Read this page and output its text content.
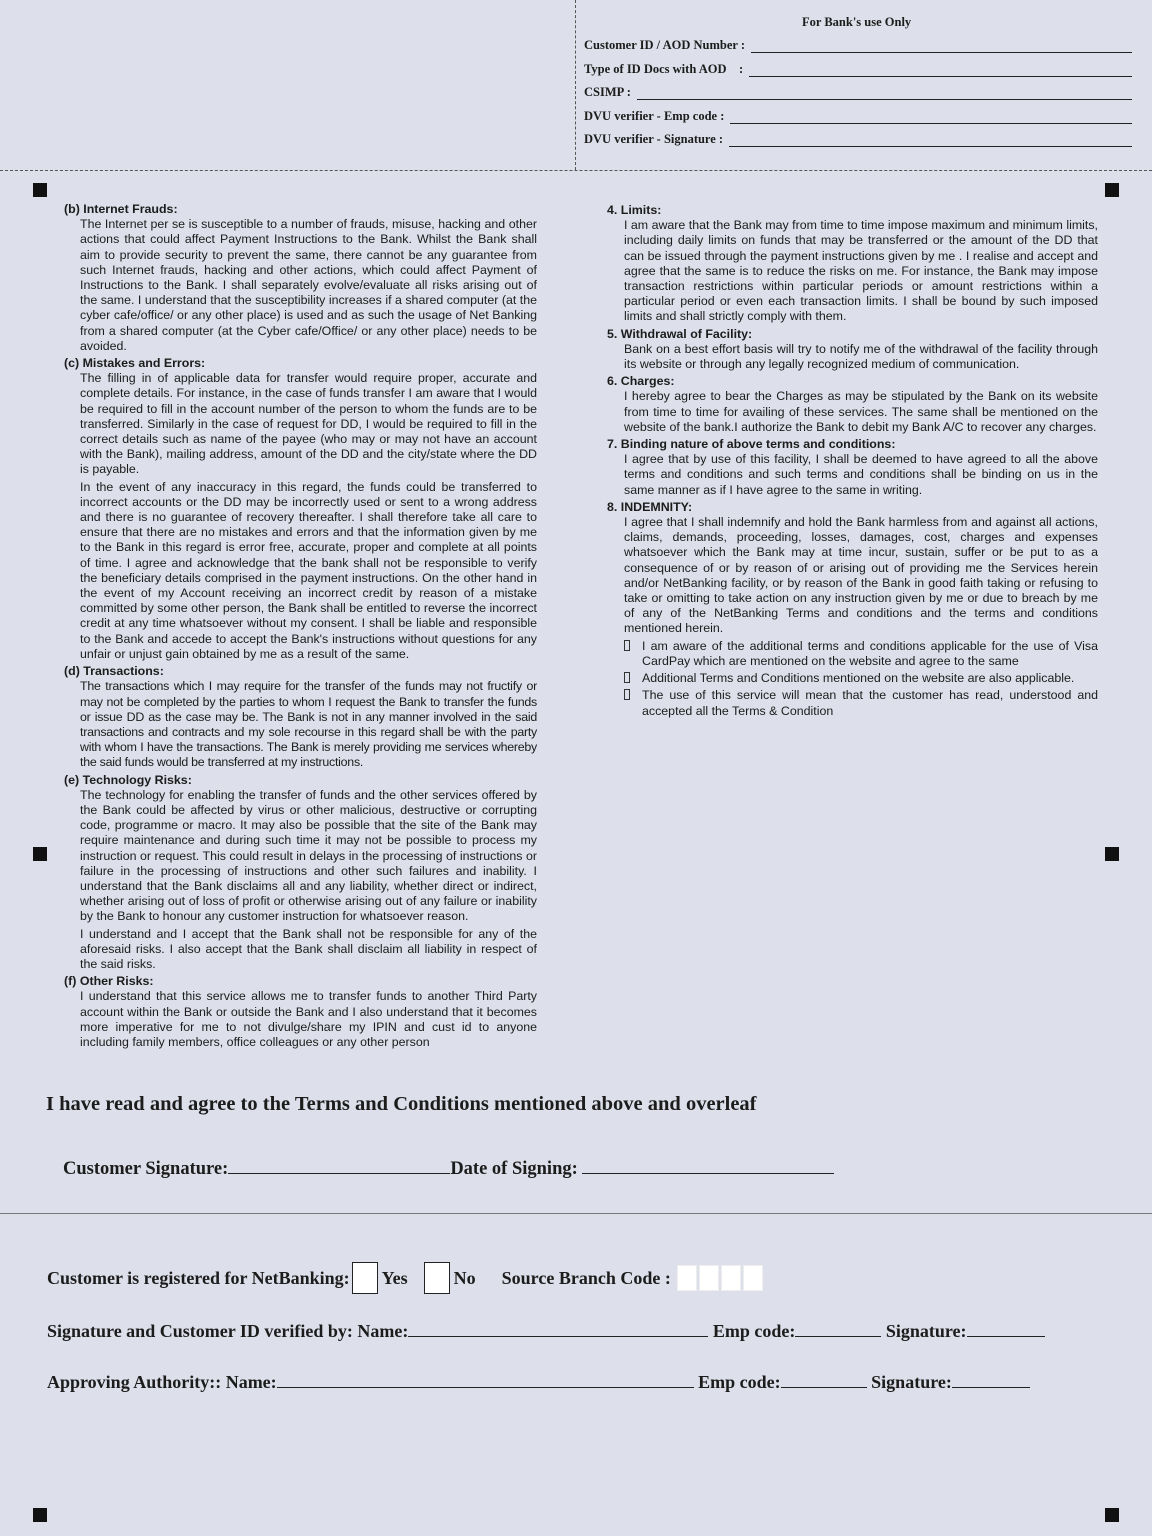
For Bank's use Only
Customer ID / AOD Number :
Type of ID Docs with AOD    :
CSIMP :
DVU verifier - Emp code :
DVU verifier - Signature :
(b) Internet Frauds:

The Internet per se is susceptible to a number of frauds, misuse, hacking and other actions that could affect Payment Instructions to the Bank. Whilst the Bank shall aim to provide security to prevent the same, there cannot be any guarantee from such Internet frauds, hacking and other actions, which could affect Payment of Instructions to the Bank. I shall separately evolve/evaluate all risks arising out of the same. I understand that the susceptibility increases if a shared computer (at the cyber cafe/office/ or any other place) is used and as such the usage of Net Banking from a shared computer (at the Cyber cafe/Office/ or any other place) needs to be avoided.

(c) Mistakes and Errors:

The filling in of applicable data for transfer would require proper, accurate and complete details. For instance, in the case of funds transfer I am aware that I would be required to fill in the account number of the person to whom the funds are to be transferred. Similarly in the case of request for DD, I would be required to fill in the correct details such as name of the payee (who may or may not have an account with the Bank), mailing address, amount of the DD and the city/state where the DD is payable.

In the event of any inaccuracy in this regard, the funds could be transferred to incorrect accounts or the DD may be incorrectly used or sent to a wrong address and there is no guarantee of recovery thereafter. I shall therefore take all care to ensure that there are no mistakes and errors and that the information given by me to the Bank in this regard is error free, accurate, proper and complete at all points of time. I agree and acknowledge that the bank shall not be responsible to verify the beneficiary details comprised in the payment instructions. On the other hand in the event of my Account receiving an incorrect credit by reason of a mistake committed by some other person, the Bank shall be entitled to reverse the incorrect credit at any time whatsoever without my consent. I shall be liable and responsible to the Bank and accede to accept the Bank's instructions without questions for any unfair or unjust gain obtained by me as a result of the same.

(d) Transactions:

The transactions which I may require for the transfer of the funds may not fructify or may not be completed by the parties to whom I request the Bank to transfer the funds or issue DD as the case may be. The Bank is not in any manner involved in the said transactions and contracts and my sole recourse in this regard shall be with the party with whom I have the transactions. The Bank is merely providing me services whereby the said funds would be transferred at my instructions.

(e) Technology Risks:

The technology for enabling the transfer of funds and the other services offered by the Bank could be affected by virus or other malicious, destructive or corrupting code, programme or macro. It may also be possible that the site of the Bank may require maintenance and during such time it may not be possible to process my instruction or request. This could result in delays in the processing of instructions or failure in the processing of instructions and other such failures and inability. I understand that the Bank disclaims all and any liability, whether direct or indirect, whether arising out of loss of profit or otherwise arising out of any failure or inability by the Bank to honour any customer instruction for whatsoever reason.

I understand and I accept that the Bank shall not be responsible for any of the aforesaid risks. I also accept that the Bank shall disclaim all liability in respect of the said risks.

(f) Other Risks:

I understand that this service allows me to transfer funds to another Third Party account within the Bank or outside the Bank and I also understand that it becomes more imperative for me to not divulge/share my IPIN and cust id to anyone including family members, office colleagues or any other person

4. Limits:

I am aware that the Bank may from time to time impose maximum and minimum limits, including daily limits on funds that may be transferred or the amount of the DD that can be issued through the payment instructions given by me . I realise and accept and agree that the same is to reduce the risks on me. For instance, the Bank may impose transaction restrictions within particular periods or amount restrictions within a particular period or even each transaction limits. I shall be bound by such imposed limits and shall strictly comply with them.

5. Withdrawal of Facility:

Bank on a best effort basis will try to notify me of the withdrawal of the facility through its website or through any legally recognized medium of communication.

6. Charges:

I hereby agree to bear the Charges as may be stipulated by the Bank on its website from time to time for availing of these services. The same shall be mentioned on the website of the bank.I authorize the Bank to debit my Bank A/C to recover any charges.

7. Binding nature of above terms and conditions:

I agree that by use of this facility, I shall be deemed to have agreed to all the above terms and conditions and such terms and conditions shall be binding on us in the same manner as if I have agree to the same in writing.

8. INDEMNITY:

I agree that I shall indemnify and hold the Bank harmless from and against all actions, claims, demands, proceeding, losses, damages, cost, charges and expenses whatsoever which the Bank may at time incur, sustain, suffer or be put to as a consequence of or by reason of or arising out of providing me the Services herein and/or NetBanking facility, or by reason of the Bank in good faith taking or refusing to take or omitting to take action on any instruction given by me or due to breach by me of any of the NetBanking Terms and conditions and the terms and conditions mentioned herein.

I am aware of the additional terms and conditions applicable for the use of Visa CardPay which are mentioned on the website and agree to the same
Additional Terms and Conditions mentioned on the website are also applicable.
The use of this service will mean that the customer has read, understood and accepted all the Terms & Condition
I have read and agree to the Terms and Conditions mentioned above and overleaf
Customer Signature:	Date of Signing:
Customer is registered for NetBanking: Yes	No Source Branch Code :
Signature and Customer ID verified by: Name:	Emp code:	Signature:
Approving Authority:: Name:	Emp code:	Signature:
